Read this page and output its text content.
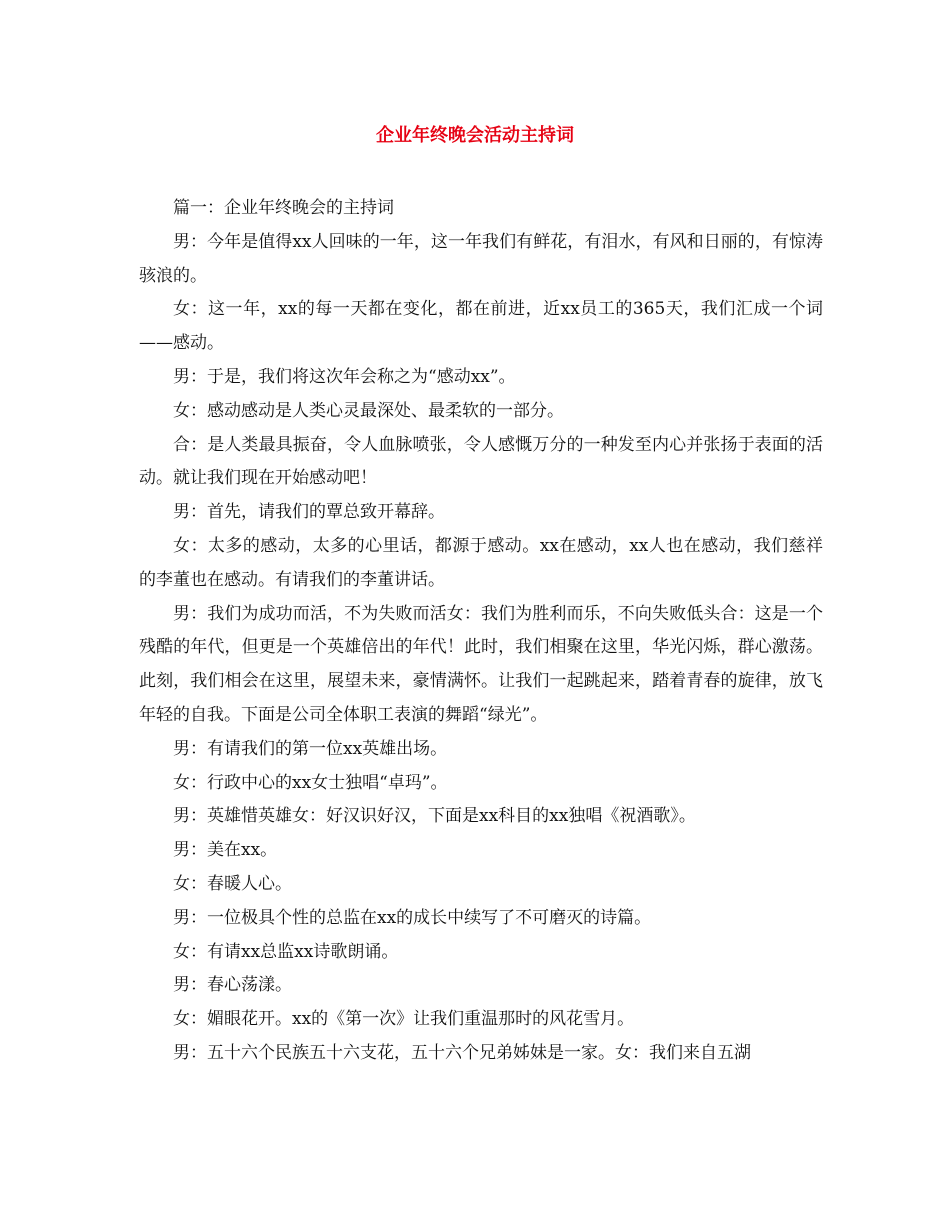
企业年终晚会活动主持词

篇一：企业年终晚会的主持词

男：今年是值得xx人回味的一年，这一年我们有鲜花，有泪水，有风和日丽的，有惊涛骇浪的。

女：这一年，xx的每一天都在变化，都在前进，近xx员工的365天，我们汇成一个词——感动。

男：于是，我们将这次年会称之为“感动xx”。

女：感动感动是人类心灵最深处、最柔软的一部分。

合：是人类最具振奋，令人血脉喷张，令人感慨万分的一种发至内心并张扬于表面的活动。就让我们现在开始感动吧！

男：首先，请我们的覃总致开幕辞。

女：太多的感动，太多的心里话，都源于感动。xx在感动，xx人也在感动，我们慈祥的李董也在感动。有请我们的李董讲话。

男：我们为成功而活，不为失败而活女：我们为胜利而乐，不向失败低头合：这是一个残酷的年代，但更是一个英雄倍出的年代！此时，我们相聚在这里，华光闪烁，群心激荡。此刻，我们相会在这里，展望未来，豪情满怀。让我们一起跳起来，踏着青春的旋律，放飞年轻的自我。下面是公司全体职工表演的舞蹈“绿光”。

男：有请我们的第一位xx英雄出场。

女：行政中心的xx女士独唱“卓玛”。

男：英雄惜英雄女：好汉识好汉，下面是xx科目的xx独唱《祝酒歌》。

男：美在xx。

女：春暖人心。

男：一位极具个性的总监在xx的成长中续写了不可磨灭的诗篇。

女：有请xx总监xx诗歌朗诵。

男：春心荡漾。

女：媚眼花开。xx的《第一次》让我们重温那时的风花雪月。

男：五十六个民族五十六支花，五十六个兄弟姊妹是一家。女：我们来自五湖
